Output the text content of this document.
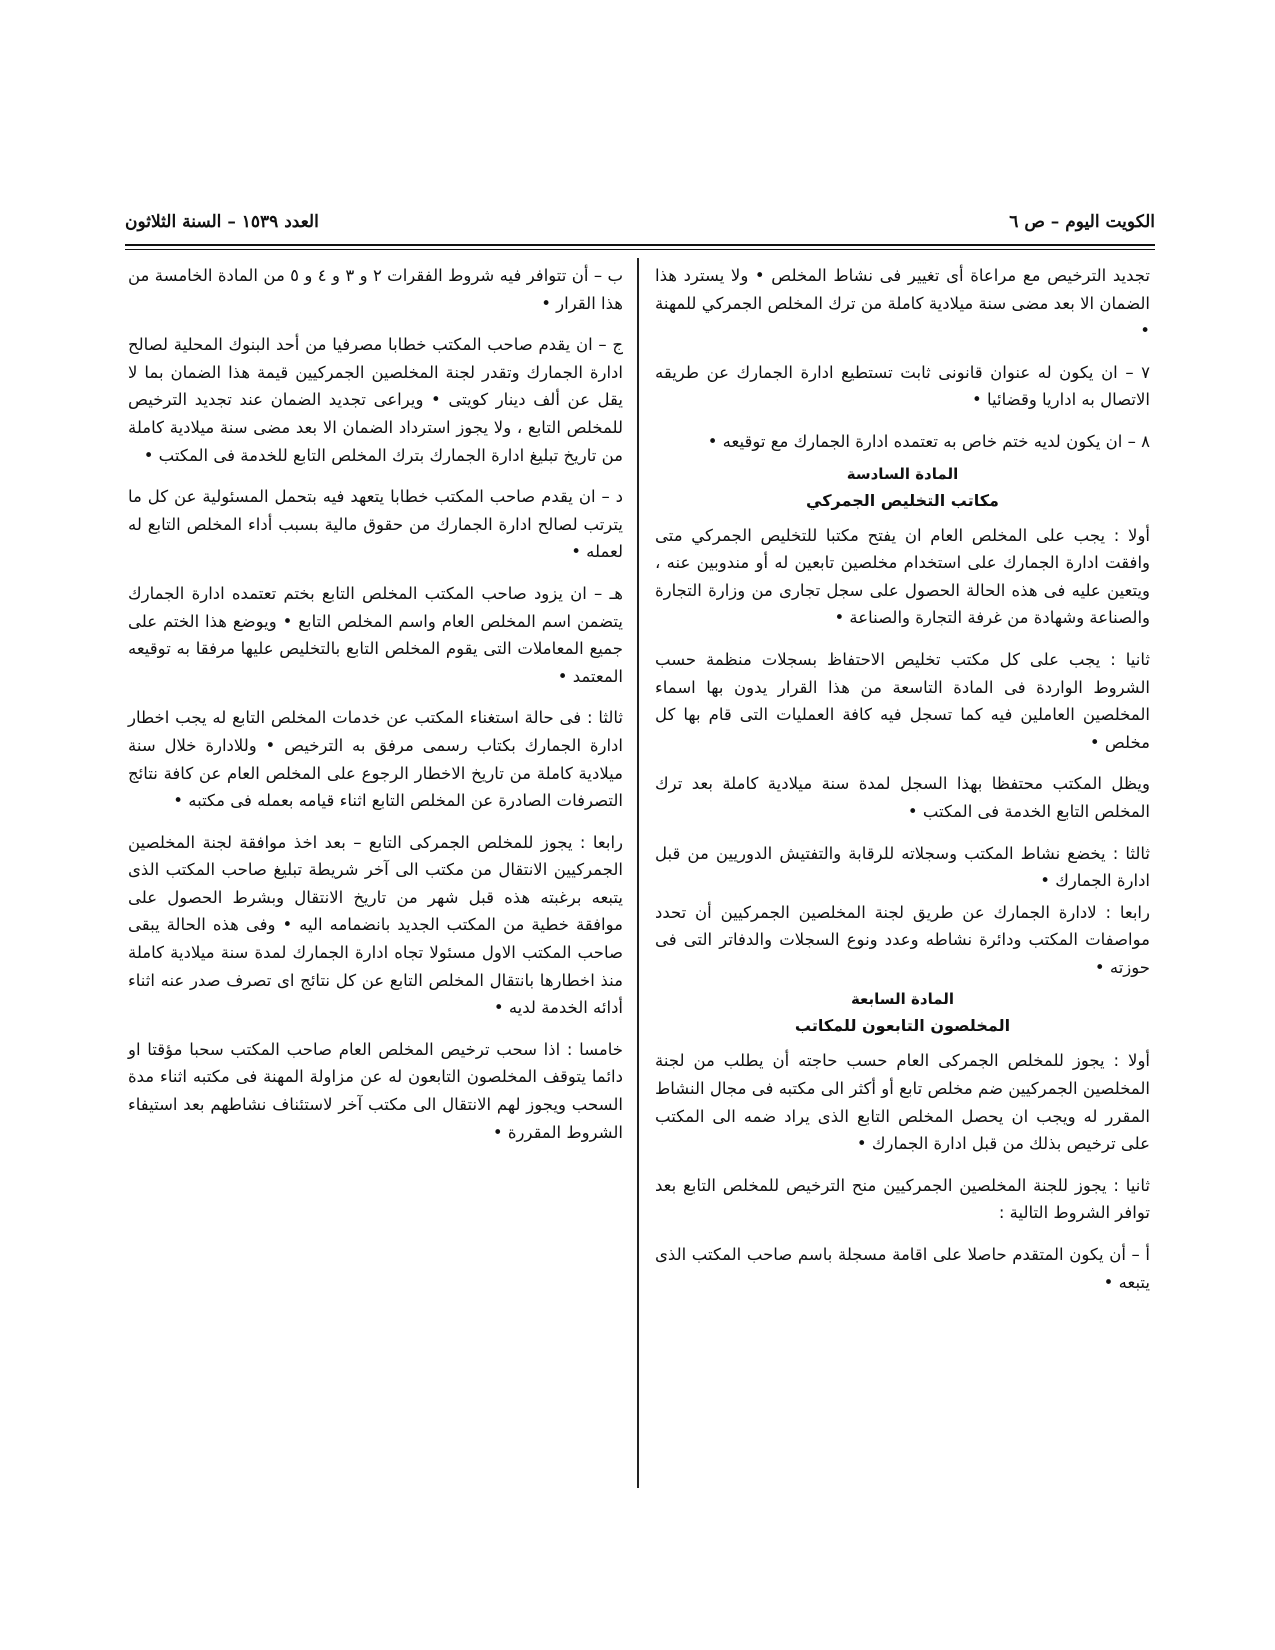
الكويت اليوم – ص ٦
العدد ١٥٣٩ – السنة الثلاثون

تجديد الترخيص مع مراعاة أى تغيير فى نشاط المخلص • ولا يسترد هذا الضمان الا بعد مضى سنة ميلادية كاملة من ترك المخلص الجمركي للمهنة •

٧ – ان يكون له عنوان قانونى ثابت تستطيع ادارة الجمارك عن طريقه الاتصال به اداريا وقضائيا •

٨ – ان يكون لديه ختم خاص به تعتمده ادارة الجمارك مع توقيعه •

المادة السادسة
مكاتب التخليص الجمركي

أولا : يجب على المخلص العام ان يفتح مكتبا للتخليص الجمركي متى وافقت ادارة الجمارك على استخدام مخلصين تابعين له أو مندوبين عنه ، ويتعين عليه فى هذه الحالة الحصول على سجل تجارى من وزارة التجارة والصناعة وشهادة من غرفة التجارة والصناعة •

ثانيا : يجب على كل مكتب تخليص الاحتفاظ بسجلات منظمة حسب الشروط الواردة فى المادة التاسعة من هذا القرار يدون بها اسماء المخلصين العاملين فيه كما تسجل فيه كافة العمليات التى قام بها كل مخلص •

ويظل المكتب محتفظا بهذا السجل لمدة سنة ميلادية كاملة بعد ترك المخلص التابع الخدمة فى المكتب •

ثالثا : يخضع نشاط المكتب وسجلاته للرقابة والتفتيش الدوريين من قبل ادارة الجمارك •

رابعا : لادارة الجمارك عن طريق لجنة المخلصين الجمركيين أن تحدد مواصفات المكتب ودائرة نشاطه وعدد ونوع السجلات والدفاتر التى فى حوزته •

المادة السابعة
المخلصون التابعون للمكاتب

أولا : يجوز للمخلص الجمركى العام حسب حاجته أن يطلب من لجنة المخلصين الجمركيين ضم مخلص تابع أو أكثر الى مكتبه فى مجال النشاط المقرر له ويجب ان يحصل المخلص التابع الذى يراد ضمه الى المكتب على ترخيص بذلك من قبل ادارة الجمارك •

ثانيا : يجوز للجنة المخلصين الجمركيين منح الترخيص للمخلص التابع بعد توافر الشروط التالية :

أ – أن يكون المتقدم حاصلا على اقامة مسجلة باسم صاحب المكتب الذى يتبعه •

ب – أن تتوافر فيه شروط الفقرات ٢ و ٣ و ٤ و ٥ من المادة الخامسة من هذا القرار •

ج – ان يقدم صاحب المكتب خطابا مصرفيا من أحد البنوك المحلية لصالح ادارة الجمارك وتقدر لجنة المخلصين الجمركيين قيمة هذا الضمان بما لا يقل عن ألف دينار كويتى • ويراعى تجديد الضمان عند تجديد الترخيص للمخلص التابع ، ولا يجوز استرداد الضمان الا بعد مضى سنة ميلادية كاملة من تاريخ تبليغ ادارة الجمارك بترك المخلص التابع للخدمة فى المكتب •

د – ان يقدم صاحب المكتب خطابا يتعهد فيه بتحمل المسئولية عن كل ما يترتب لصالح ادارة الجمارك من حقوق مالية بسبب أداء المخلص التابع له لعمله •

هـ – ان يزود صاحب المكتب المخلص التابع بختم تعتمده ادارة الجمارك يتضمن اسم المخلص العام واسم المخلص التابع • ويوضع هذا الختم على جميع المعاملات التى يقوم المخلص التابع بالتخليص عليها مرفقا به توقيعه المعتمد •

ثالثا : فى حالة استغناء المكتب عن خدمات المخلص التابع له يجب اخطار ادارة الجمارك بكتاب رسمى مرفق به الترخيص • وللادارة خلال سنة ميلادية كاملة من تاريخ الاخطار الرجوع على المخلص العام عن كافة نتائج التصرفات الصادرة عن المخلص التابع اثناء قيامه بعمله فى مكتبه •

رابعا : يجوز للمخلص الجمركى التابع – بعد اخذ موافقة لجنة المخلصين الجمركيين الانتقال من مكتب الى آخر شريطة تبليغ صاحب المكتب الذى يتبعه برغبته هذه قبل شهر من تاريخ الانتقال وبشرط الحصول على موافقة خطية من المكتب الجديد بانضمامه اليه • وفى هذه الحالة يبقى صاحب المكتب الاول مسئولا تجاه ادارة الجمارك لمدة سنة ميلادية كاملة منذ اخطارها بانتقال المخلص التابع عن كل نتائج اى تصرف صدر عنه اثناء أدائه الخدمة لديه •

خامسا : اذا سحب ترخيص المخلص العام صاحب المكتب سحبا مؤقتا او دائما يتوقف المخلصون التابعون له عن مزاولة المهنة فى مكتبه اثناء مدة السحب ويجوز لهم الانتقال الى مكتب آخر لاستئناف نشاطهم بعد استيفاء الشروط المقررة •
